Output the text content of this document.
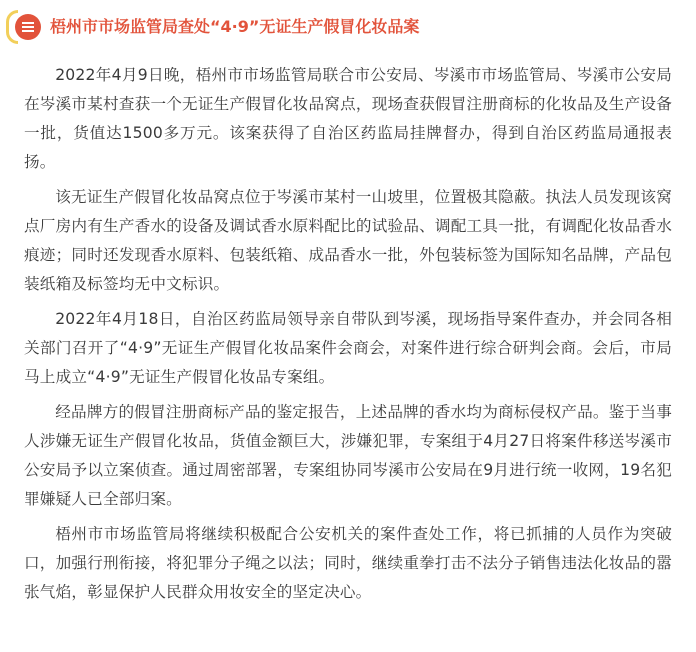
梧州市市场监管局查处“4·9”无证生产假冒化妆品案

2022年4月9日晚，梧州市市场监管局联合市公安局、岑溪市市场监管局、岑溪市公安局在岑溪市某村查获一个无证生产假冒化妆品窝点，现场查获假冒注册商标的化妆品及生产设备一批，货值达1500多万元。该案获得了自治区药监局挂牌督办，得到自治区药监局通报表扬。

该无证生产假冒化妆品窝点位于岑溪市某村一山坡里，位置极其隐蔽。执法人员发现该窝点厂房内有生产香水的设备及调试香水原料配比的试验品、调配工具一批，有调配化妆品香水痕迹；同时还发现香水原料、包装纸箱、成品香水一批，外包装标签为国际知名品牌，产品包装纸箱及标签均无中文标识。

2022年4月18日，自治区药监局领导亲自带队到岑溪，现场指导案件查办，并会同各相关部门召开了“4·9”无证生产假冒化妆品案件会商会，对案件进行综合研判会商。会后，市局马上成立“4·9”无证生产假冒化妆品专案组。

经品牌方的假冒注册商标产品的鉴定报告，上述品牌的香水均为商标侵权产品。鉴于当事人涉嫌无证生产假冒化妆品，货值金额巨大，涉嫌犯罪，专案组于4月27日将案件移送岑溪市公安局予以立案侦查。通过周密部署，专案组协同岑溪市公安局在9月进行统一收网，19名犯罪嫌疑人已全部归案。

梧州市市场监管局将继续积极配合公安机关的案件查处工作，将已抓捕的人员作为突破口，加强行刑衔接，将犯罪分子绳之以法；同时，继续重拳打击不法分子销售违法化妆品的嚣张气焰，彰显保护人民群众用妆安全的坚定决心。
